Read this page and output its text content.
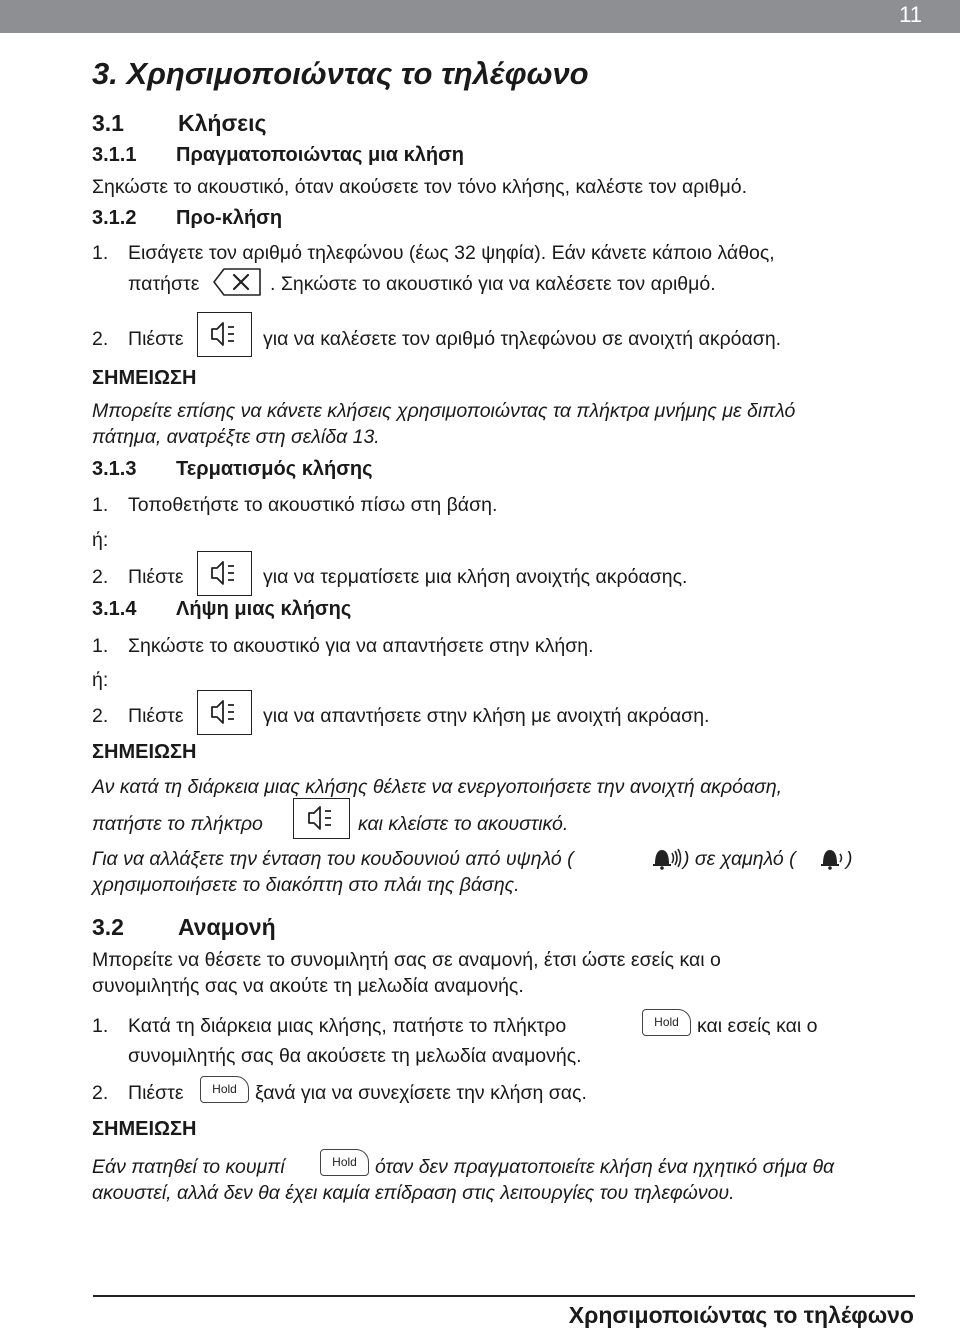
11
3. Χρησιμοποιώντας το τηλέφωνο
3.1 Κλήσεις
3.1.1 Πραγματοποιώντας μια κλήση
Σηκώστε το ακουστικό, όταν ακούσετε τον τόνο κλήσης, καλέστε τον αριθμό.
3.1.2 Προ-κλήση
1. Εισάγετε τον αριθμό τηλεφώνου (έως 32 ψηφία). Εάν κάνετε κάποιο λάθος,
πατήστε	. Σηκώστε το ακουστικό για να καλέσετε τον αριθμό.
2. Πιέστε	για να καλέσετε τον αριθμό τηλεφώνου σε ανοιχτή ακρόαση.
ΣΗΜΕΙΩΣΗ
Μπορείτε επίσης να κάνετε κλήσεις χρησιμοποιώντας τα πλήκτρα μνήμης με διπλό
πάτημα, ανατρέξτε στη σελίδα 13.
3.1.3 Τερματισμός κλήσης
1. Τοποθετήστε το ακουστικό πίσω στη βάση.
ή:
2. Πιέστε	για να τερματίσετε μια κλήση ανοιχτής ακρόασης.
3.1.4 Λήψη μιας κλήσης
1. Σηκώστε το ακουστικό για να απαντήσετε στην κλήση.
ή:
2. Πιέστε	για να απαντήσετε στην κλήση με ανοιχτή ακρόαση.
ΣΗΜΕΙΩΣΗ
Αν κατά τη διάρκεια μιας κλήσης θέλετε να ενεργοποιήσετε την ανοιχτή ακρόαση,
πατήστε το πλήκτρο	και κλείστε το ακουστικό.
Για να αλλάξετε την ένταση του κουδουνιού από υψηλό (	) σε χαμηλό (	)
χρησιμοποιήσετε το διακόπτη στο πλάι της βάσης.
3.2 Αναμονή
Μπορείτε να θέσετε το συνομιλητή σας σε αναμονή, έτσι ώστε εσείς και ο
συνομιλητής σας να ακούτε τη μελωδία αναμονής.
1. Κατά τη διάρκεια μιας κλήσης, πατήστε το πλήκτρο	Hold και εσείς και ο
συνομιλητής σας θα ακούσετε τη μελωδία αναμονής.
2. Πιέστε	Hold ξανά για να συνεχίσετε την κλήση σας.
ΣΗΜΕΙΩΣΗ
Εάν πατηθεί το κουμπί	Hold όταν δεν πραγματοποιείτε κλήση ένα ηχητικό σήμα θα
ακουστεί, αλλά δεν θα έχει καμία επίδραση στις λειτουργίες του τηλεφώνου.
Χρησιμοποιώντας το τηλέφωνο
